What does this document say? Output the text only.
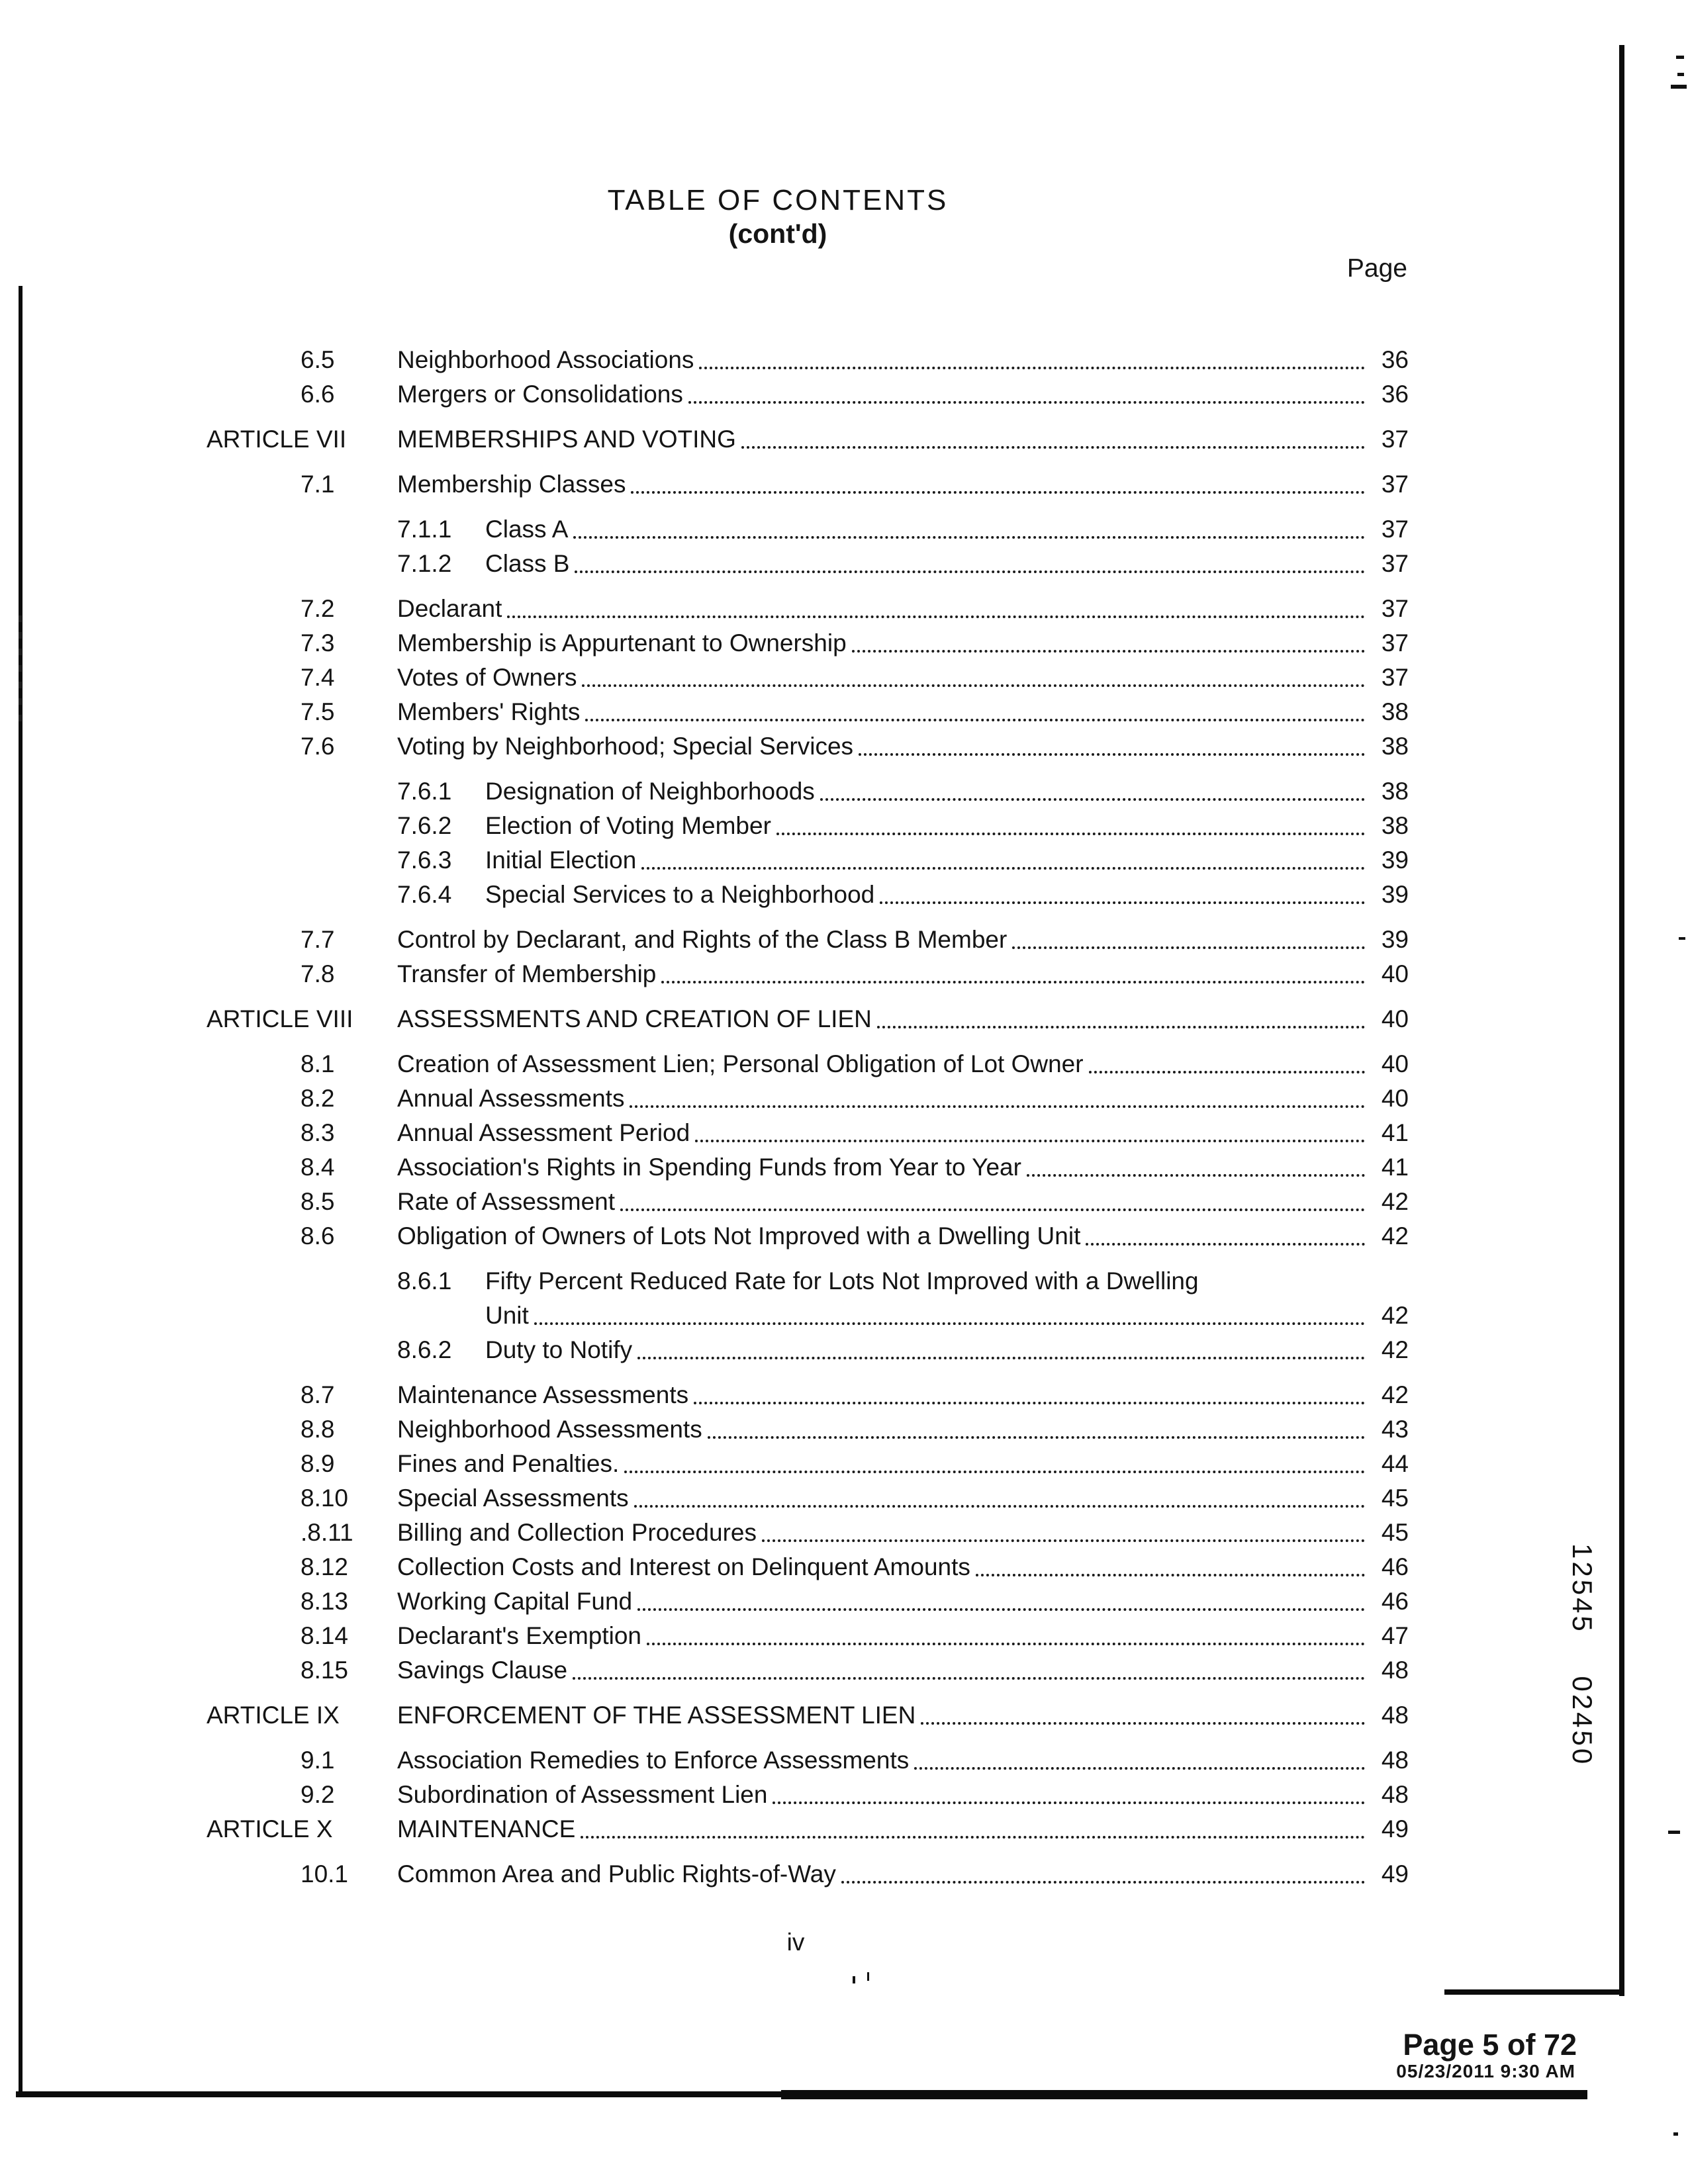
TABLE OF CONTENTS
(cont'd)
Page
6.5	Neighborhood Associations	36
6.6	Mergers or Consolidations	36
ARTICLE VII	MEMBERSHIPS AND VOTING	37
7.1	Membership Classes	37
7.1.1	Class A	37
7.1.2	Class B	37
7.2	Declarant	37
7.3	Membership is Appurtenant to Ownership	37
7.4	Votes of Owners	37
7.5	Members' Rights	38
7.6	Voting by Neighborhood; Special Services	38
7.6.1	Designation of Neighborhoods	38
7.6.2	Election of Voting Member	38
7.6.3	Initial Election	39
7.6.4	Special Services to a Neighborhood	39
7.7	Control by Declarant, and Rights of the Class B Member	39
7.8	Transfer of Membership	40
ARTICLE VIII	ASSESSMENTS AND CREATION OF LIEN	40
8.1	Creation of Assessment Lien; Personal Obligation of Lot Owner	40
8.2	Annual Assessments	40
8.3	Annual Assessment Period	41
8.4	Association's Rights in Spending Funds from Year to Year	41
8.5	Rate of Assessment	42
8.6	Obligation of Owners of Lots Not Improved with a Dwelling Unit	42
8.6.1	Fifty Percent Reduced Rate for Lots Not Improved with a Dwelling
Unit	42
8.6.2	Duty to Notify	42
8.7	Maintenance Assessments	42
8.8	Neighborhood Assessments	43
8.9	Fines and Penalties.	44
8.10	Special Assessments	45
.8.11	Billing and Collection Procedures	45
8.12	Collection Costs and Interest on Delinquent Amounts	46
8.13	Working Capital Fund	46
8.14	Declarant's Exemption	47
8.15	Savings Clause	48
ARTICLE IX	ENFORCEMENT OF THE ASSESSMENT LIEN	48
9.1	Association Remedies to Enforce Assessments	48
9.2	Subordination of Assessment Lien	48
ARTICLE X	MAINTENANCE	49
10.1	Common Area and Public Rights-of-Way	49
iv
Page 5 of 72
05/23/2011 9:30 AM
12545 02450
